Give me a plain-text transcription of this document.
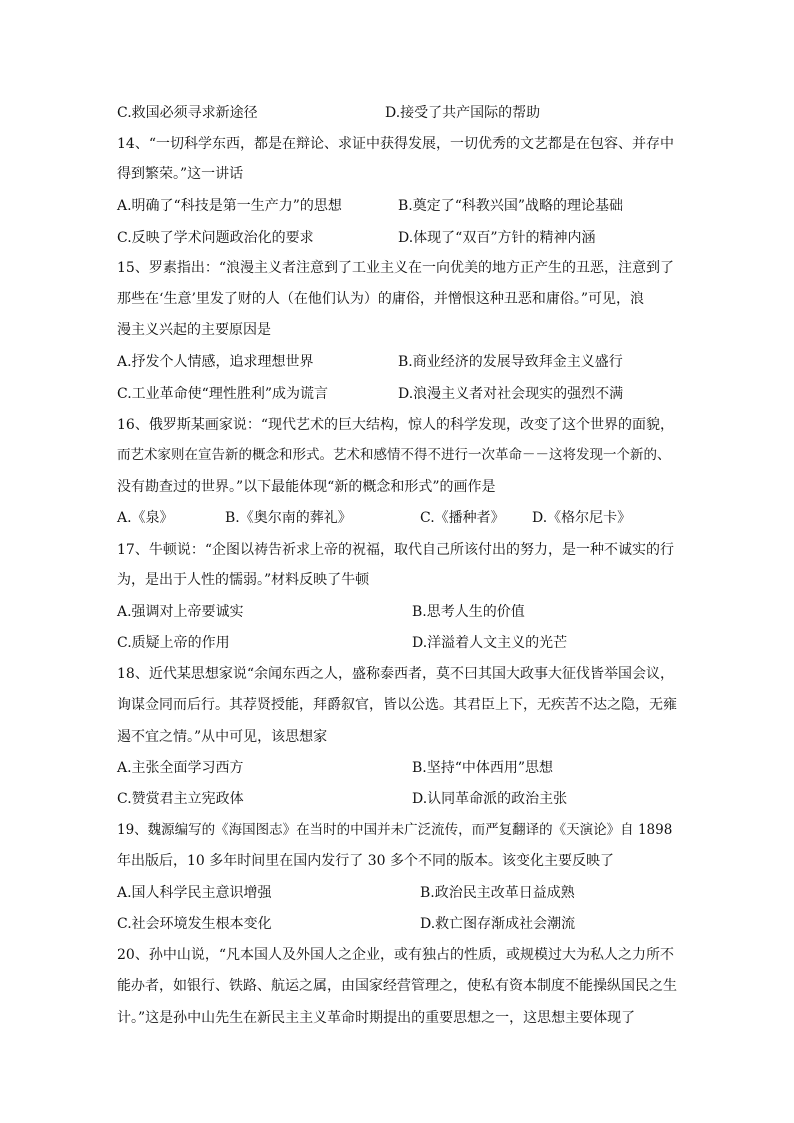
C.救国必须寻求新途径	D.接受了共产国际的帮助
14、“一切科学东西，都是在辩论、求证中获得发展，一切优秀的文艺都是在包容、并存中
得到繁荣。”这一讲话
A.明确了“科技是第一生产力”的思想	B.奠定了“科教兴国”战略的理论基础
C.反映了学术问题政治化的要求	D.体现了“双百”方针的精神内涵
15、罗素指出：“浪漫主义者注意到了工业主义在一向优美的地方正产生的丑恶，注意到了
那些在‘生意’里发了财的人（在他们认为）的庸俗，并憎恨这种丑恶和庸俗。”可见，浪
漫主义兴起的主要原因是
A.抒发个人情感，追求理想世界	B.商业经济的发展导致拜金主义盛行
C.工业革命使“理性胜利”成为谎言	D.浪漫主义者对社会现实的强烈不满
16、俄罗斯某画家说：“现代艺术的巨大结构，惊人的科学发现，改变了这个世界的面貌，
而艺术家则在宣告新的概念和形式。艺术和感情不得不进行一次革命－－这将发现一个新的、
没有勘查过的世界。”以下最能体现“新的概念和形式”的画作是
A.《泉》	B.《奥尔南的葬礼》	C.《播种者》 D.《格尔尼卡》
17、牛顿说：“企图以祷告祈求上帝的祝福，取代自己所该付出的努力，是一种不诚实的行
为，是出于人性的懦弱。”材料反映了牛顿
A.强调对上帝要诚实	B.思考人生的价值
C.质疑上帝的作用	D.洋溢着人文主义的光芒
18、近代某思想家说“余闻东西之人，盛称泰西者，莫不曰其国大政事大征伐皆举国会议，
询谋佥同而后行。其荐贤授能，拜爵叙官，皆以公选。其君臣上下，无疾苦不达之隐，无雍
遏不宜之情。”从中可见，该思想家
A.主张全面学习西方	B.坚持“中体西用”思想
C.赞赏君主立宪政体	D.认同革命派的政治主张
19、魏源编写的《海国图志》在当时的中国并未广泛流传，而严复翻译的《天演论》自 1898
年出版后，10 多年时间里在国内发行了 30 多个不同的版本。该变化主要反映了
A.国人科学民主意识增强	B.政治民主改革日益成熟
C.社会环境发生根本变化	D.救亡图存渐成社会潮流
20、孙中山说，“凡本国人及外国人之企业，或有独占的性质，或规模过大为私人之力所不
能办者，如银行、铁路、航运之属，由国家经营管理之，使私有资本制度不能操纵国民之生
计。”这是孙中山先生在新民主主义革命时期提出的重要思想之一，这思想主要体现了
